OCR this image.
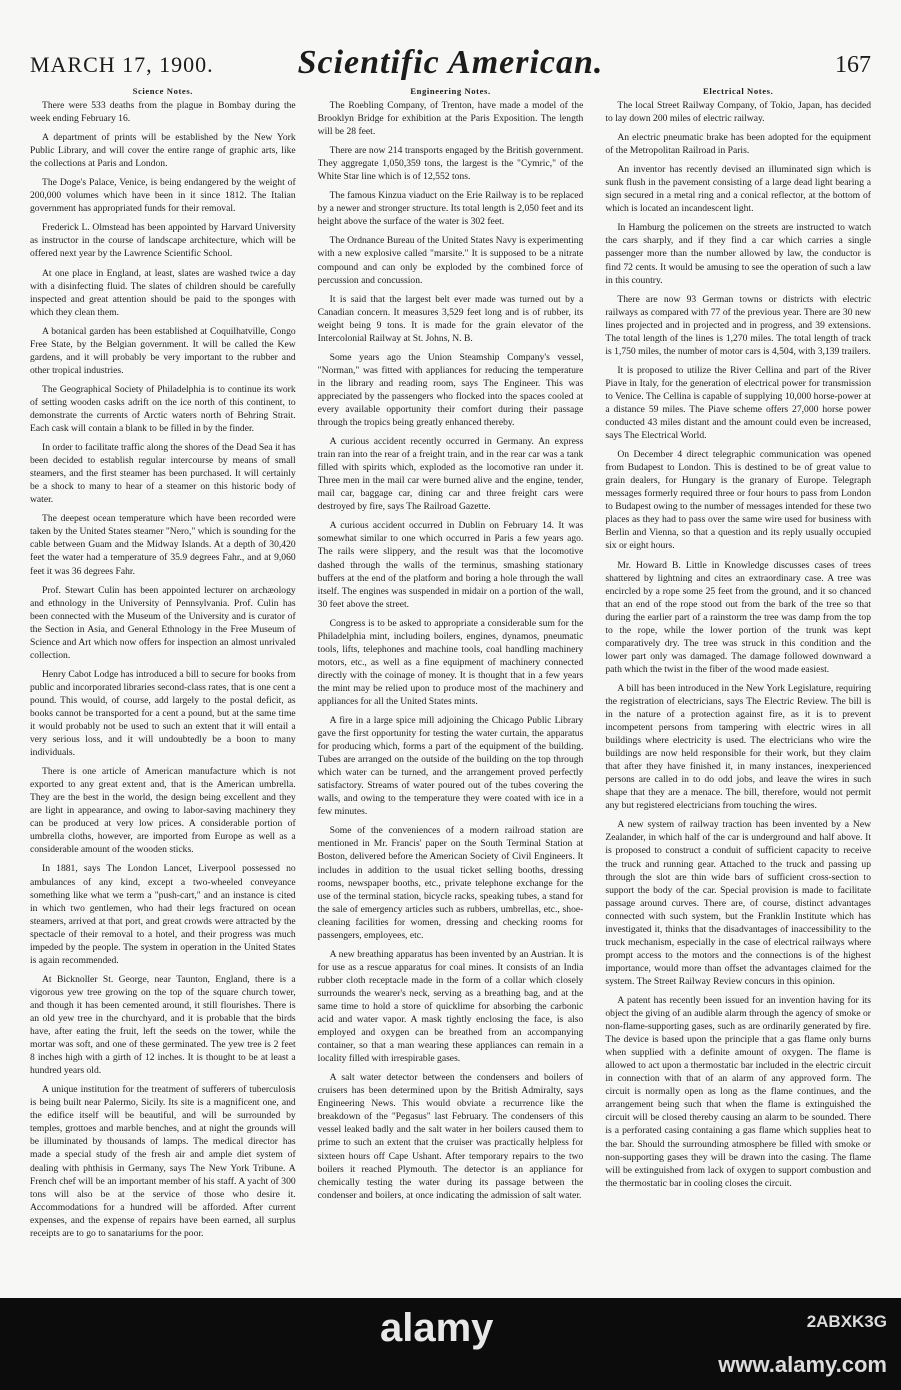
MARCH 17, 1900.	Scientific American.	167
Science Notes.

There were 533 deaths from the plague in Bombay during the week ending February 16.

A department of prints will be established by the New York Public Library, and will cover the entire range of graphic arts, like the collections at Paris and London.

The Doge's Palace, Venice, is being endangered by the weight of 200,000 volumes which have been in it since 1812. The Italian government has appropriated funds for their removal.

Frederick L. Olmstead has been appointed by Harvard University as instructor in the course of landscape architecture, which will be offered next year by the Lawrence Scientific School.

At one place in England, at least, slates are washed twice a day with a disinfecting fluid. The slates of children should be carefully inspected and great attention should be paid to the sponges with which they clean them.

A botanical garden has been established at Coquilhatville, Congo Free State, by the Belgian government. It will be called the Kew gardens, and it will probably be very important to the rubber and other tropical industries.

The Geographical Society of Philadelphia is to continue its work of setting wooden casks adrift on the ice north of this continent, to demonstrate the currents of Arctic waters north of Behring Strait. Each cask will contain a blank to be filled in by the finder.

In order to facilitate traffic along the shores of the Dead Sea it has been decided to establish regular intercourse by means of small steamers, and the first steamer has been purchased. It will certainly be a shock to many to hear of a steamer on this historic body of water.

The deepest ocean temperature which have been recorded were taken by the United States steamer "Nero," which is sounding for the cable between Guam and the Midway Islands. At a depth of 30,420 feet the water had a temperature of 35.9 degrees Fahr., and at 9,060 feet it was 36 degrees Fahr.

Prof. Stewart Culin has been appointed lecturer on archæology and ethnology in the University of Pennsylvania. Prof. Culin has been connected with the Museum of the University and is curator of the Section in Asia, and General Ethnology in the Free Museum of Science and Art which now offers for inspection an almost unrivaled collection.

Henry Cabot Lodge has introduced a bill to secure for books from public and incorporated libraries second-class rates, that is one cent a pound. This would, of course, add largely to the postal deficit, as books cannot be transported for a cent a pound, but at the same time it would probably not be used to such an extent that it will entail a very serious loss, and it will undoubtedly be a boon to many individuals.

There is one article of American manufacture which is not exported to any great extent and, that is the American umbrella. They are the best in the world, the design being excellent and they are light in appearance, and owing to labor-saving machinery they can be produced at very low prices. A considerable portion of umbrella cloths, however, are imported from Europe as well as a considerable amount of the wooden sticks.

In 1881, says The London Lancet, Liverpool possessed no ambulances of any kind, except a two-wheeled conveyance something like what we term a "push-cart," and an instance is cited in which two gentlemen, who had their legs fractured on ocean steamers, arrived at that port, and great crowds were attracted by the spectacle of their removal to a hotel, and their progress was much impeded by the people. The system in operation in the United States is again recommended.

At Bicknoller St. George, near Taunton, England, there is a vigorous yew tree growing on the top of the square church tower, and though it has been cemented around, it still flourishes. There is an old yew tree in the churchyard, and it is probable that the birds have, after eating the fruit, left the seeds on the tower, while the mortar was soft, and one of these germinated. The yew tree is 2 feet 8 inches high with a girth of 12 inches. It is thought to be at least a hundred years old.

A unique institution for the treatment of sufferers of tuberculosis is being built near Palermo, Sicily. Its site is a magnificent one, and the edifice itself will be beautiful, and will be surrounded by temples, grottoes and marble benches, and at night the grounds will be illuminated by thousands of lamps. The medical director has made a special study of the fresh air and ample diet system of dealing with phthisis in Germany, says The New York Tribune. A French chef will be an important member of his staff. A yacht of 300 tons will also be at the service of those who desire it. Accommodations for a hundred will be afforded. After current expenses, and the expense of repairs have been earned, all surplus receipts are to go to sanatariums for the poor.

Engineering Notes.

The Roebling Company, of Trenton, have made a model of the Brooklyn Bridge for exhibition at the Paris Exposition. The length will be 28 feet.

There are now 214 transports engaged by the British government. They aggregate 1,050,359 tons, the largest is the "Cymric," of the White Star line which is of 12,552 tons.

The famous Kinzua viaduct on the Erie Railway is to be replaced by a newer and stronger structure. Its total length is 2,050 feet and its height above the surface of the water is 302 feet.

The Ordnance Bureau of the United States Navy is experimenting with a new explosive called "marsite." It is supposed to be a nitrate compound and can only be exploded by the combined force of percussion and concussion.

It is said that the largest belt ever made was turned out by a Canadian concern. It measures 3,529 feet long and is of rubber, its weight being 9 tons. It is made for the grain elevator of the Intercolonial Railway at St. Johns, N. B.

Some years ago the Union Steamship Company's vessel, "Norman," was fitted with appliances for reducing the temperature in the library and reading room, says The Engineer. This was appreciated by the passengers who flocked into the spaces cooled at every available opportunity their comfort during their passage through the tropics being greatly enhanced thereby.

A curious accident recently occurred in Germany. An express train ran into the rear of a freight train, and in the rear car was a tank filled with spirits which, exploded as the locomotive ran under it. Three men in the mail car were burned alive and the engine, tender, mail car, baggage car, dining car and three freight cars were destroyed by fire, says The Railroad Gazette.

A curious accident occurred in Dublin on February 14. It was somewhat similar to one which occurred in Paris a few years ago. The rails were slippery, and the result was that the locomotive dashed through the walls of the terminus, smashing stationary buffers at the end of the platform and boring a hole through the wall itself. The engines was suspended in midair on a portion of the wall, 30 feet above the street.

Congress is to be asked to appropriate a considerable sum for the Philadelphia mint, including boilers, engines, dynamos, pneumatic tools, lifts, telephones and machine tools, coal handling machinery motors, etc., as well as a fine equipment of machinery connected directly with the coinage of money. It is thought that in a few years the mint may be relied upon to produce most of the machinery and appliances for all the United States mints.

A fire in a large spice mill adjoining the Chicago Public Library gave the first opportunity for testing the water curtain, the apparatus for producing which, forms a part of the equipment of the building. Tubes are arranged on the outside of the building on the top through which water can be turned, and the arrangement proved perfectly satisfactory. Streams of water poured out of the tubes covering the walls, and owing to the temperature they were coated with ice in a few minutes.

Some of the conveniences of a modern railroad station are mentioned in Mr. Francis' paper on the South Terminal Station at Boston, delivered before the American Society of Civil Engineers. It includes in addition to the usual ticket selling booths, dressing rooms, newspaper booths, etc., private telephone exchange for the use of the terminal station, bicycle racks, speaking tubes, a stand for the sale of emergency articles such as rubbers, umbrellas, etc., shoe-cleaning facilities for women, dressing and checking rooms for passengers, employees, etc.

A new breathing apparatus has been invented by an Austrian. It is for use as a rescue apparatus for coal mines. It consists of an India rubber cloth receptacle made in the form of a collar which closely surrounds the wearer's neck, serving as a breathing bag, and at the same time to hold a store of quicklime for absorbing the carbonic acid and water vapor. A mask tightly enclosing the face, is also employed and oxygen can be breathed from an accompanying container, so that a man wearing these appliances can remain in a locality filled with irrespirable gases.

A salt water detector between the condensers and boilers of cruisers has been determined upon by the British Admiralty, says Engineering News. This would obviate a recurrence like the breakdown of the "Pegasus" last February. The condensers of this vessel leaked badly and the salt water in her boilers caused them to prime to such an extent that the cruiser was practically helpless for sixteen hours off Cape Ushant. After temporary repairs to the two boilers it reached Plymouth. The detector is an appliance for chemically testing the water during its passage between the condenser and boilers, at once indicating the admission of salt water.

Electrical Notes.

The local Street Railway Company, of Tokio, Japan, has decided to lay down 200 miles of electric railway.

An electric pneumatic brake has been adopted for the equipment of the Metropolitan Railroad in Paris.

An inventor has recently devised an illuminated sign which is sunk flush in the pavement consisting of a large dead light bearing a sign secured in a metal ring and a conical reflector, at the bottom of which is located an incandescent light.

In Hamburg the policemen on the streets are instructed to watch the cars sharply, and if they find a car which carries a single passenger more than the number allowed by law, the conductor is find 72 cents. It would be amusing to see the operation of such a law in this country.

There are now 93 German towns or districts with electric railways as compared with 77 of the previous year. There are 30 new lines projected and in projected and in progress, and 39 extensions. The total length of the lines is 1,270 miles. The total length of track is 1,750 miles, the number of motor cars is 4,504, with 3,139 trailers.

It is proposed to utilize the River Cellina and part of the River Piave in Italy, for the generation of electrical power for transmission to Venice. The Cellina is capable of supplying 10,000 horse-power at a distance 59 miles. The Piave scheme offers 27,000 horse power conducted 43 miles distant and the amount could even be increased, says The Electrical World.

On December 4 direct telegraphic communication was opened from Budapest to London. This is destined to be of great value to grain dealers, for Hungary is the granary of Europe. Telegraph messages formerly required three or four hours to pass from London to Budapest owing to the number of messages intended for these two places as they had to pass over the same wire used for business with Berlin and Vienna, so that a question and its reply usually occupied six or eight hours.

Mr. Howard B. Little in Knowledge discusses cases of trees shattered by lightning and cites an extraordinary case. A tree was encircled by a rope some 25 feet from the ground, and it so chanced that an end of the rope stood out from the bark of the tree so that during the earlier part of a rainstorm the tree was damp from the top to the rope, while the lower portion of the trunk was kept comparatively dry. The tree was struck in this condition and the lower part only was damaged. The damage followed downward a path which the twist in the fiber of the wood made easiest.

A bill has been introduced in the New York Legislature, requiring the registration of electricians, says The Electric Review. The bill is in the nature of a protection against fire, as it is to prevent incompetent persons from tampering with electric wires in all buildings where electricity is used. The electricians who wire the buildings are now held responsible for their work, but they claim that after they have finished it, in many instances, inexperienced persons are called in to do odd jobs, and leave the wires in such shape that they are a menace. The bill, therefore, would not permit any but registered electricians from touching the wires.

A new system of railway traction has been invented by a New Zealander, in which half of the car is underground and half above. It is proposed to construct a conduit of sufficient capacity to receive the truck and running gear. Attached to the truck and passing up through the slot are thin wide bars of sufficient cross-section to support the body of the car. Special provision is made to facilitate passage around curves. There are, of course, distinct advantages connected with such system, but the Franklin Institute which has investigated it, thinks that the disadvantages of inaccessibility to the truck mechanism, especially in the case of electrical railways where prompt access to the motors and the connections is of the highest importance, would more than offset the advantages claimed for the system. The Street Railway Review concurs in this opinion.

A patent has recently been issued for an invention having for its object the giving of an audible alarm through the agency of smoke or non-flame-supporting gases, such as are ordinarily generated by fire. The device is based upon the principle that a gas flame only burns when supplied with a definite amount of oxygen. The flame is allowed to act upon a thermostatic bar included in the electric circuit in connection with that of an alarm of any approved form. The circuit is normally open as long as the flame continues, and the arrangement being such that when the flame is extinguished the circuit will be closed thereby causing an alarm to be sounded. There is a perforated casing containing a gas flame which supplies heat to the bar. Should the surrounding atmosphere be filled with smoke or non-supporting gases they will be drawn into the casing. The flame will be extinguished from lack of oxygen to support combustion and the thermostatic bar in cooling closes the circuit.

alamy	2ABXK3G
www.alamy.com
